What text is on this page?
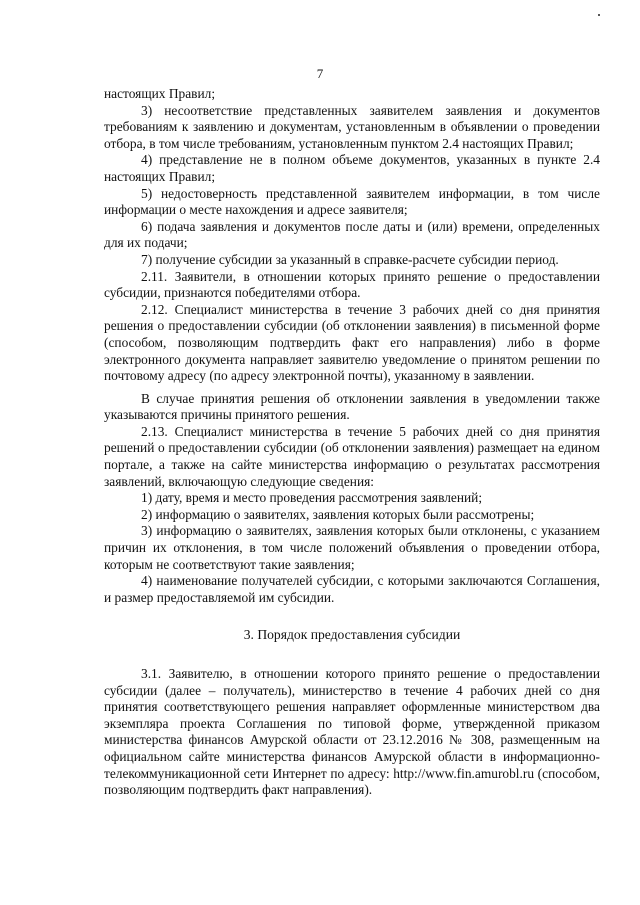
7

настоящих Правил;

3) несоответствие представленных заявителем заявления и документов требованиям к заявлению и документам, установленным в объявлении о проведении отбора, в том числе требованиям, установленным пунктом 2.4 настоящих Правил;

4) представление не в полном объеме документов, указанных в пункте 2.4 настоящих Правил;

5) недостоверность представленной заявителем информации, в том числе информации о месте нахождения и адресе заявителя;

6) подача заявления и документов после даты и (или) времени, определенных для их подачи;

7) получение субсидии за указанный в справке-расчете субсидии период.

2.11. Заявители, в отношении которых принято решение о предоставлении субсидии, признаются победителями отбора.

2.12. Специалист министерства в течение 3 рабочих дней со дня принятия решения о предоставлении субсидии (об отклонении заявления) в письменной форме (способом, позволяющим подтвердить факт его направления) либо в форме электронного документа направляет заявителю уведомление о принятом решении по почтовому адресу (по адресу электронной почты), указанному в заявлении.

В случае принятия решения об отклонении заявления в уведомлении также указываются причины принятого решения.

2.13. Специалист министерства в течение 5 рабочих дней со дня принятия решений о предоставлении субсидии (об отклонении заявления) размещает на едином портале, а также на сайте министерства информацию о результатах рассмотрения заявлений, включающую следующие сведения:

1) дату, время и место проведения рассмотрения заявлений;

2) информацию о заявителях, заявления которых были рассмотрены;

3) информацию о заявителях, заявления которых были отклонены, с указанием причин их отклонения, в том числе положений объявления о проведении отбора, которым не соответствуют такие заявления;

4) наименование получателей субсидии, с которыми заключаются Соглашения, и размер предоставляемой им субсидии.

3. Порядок предоставления субсидии

3.1. Заявителю, в отношении которого принято решение о предоставлении субсидии (далее – получатель), министерство в течение 4 рабочих дней со дня принятия соответствующего решения направляет оформленные министерством два экземпляра проекта Соглашения по типовой форме, утвержденной приказом министерства финансов Амурской области от 23.12.2016 № 308, размещенным на официальном сайте министерства финансов Амурской области в информационно-телекоммуникационной сети Интернет по адресу: http://www.fin.amurobl.ru (способом, позволяющим подтвердить факт направления).
